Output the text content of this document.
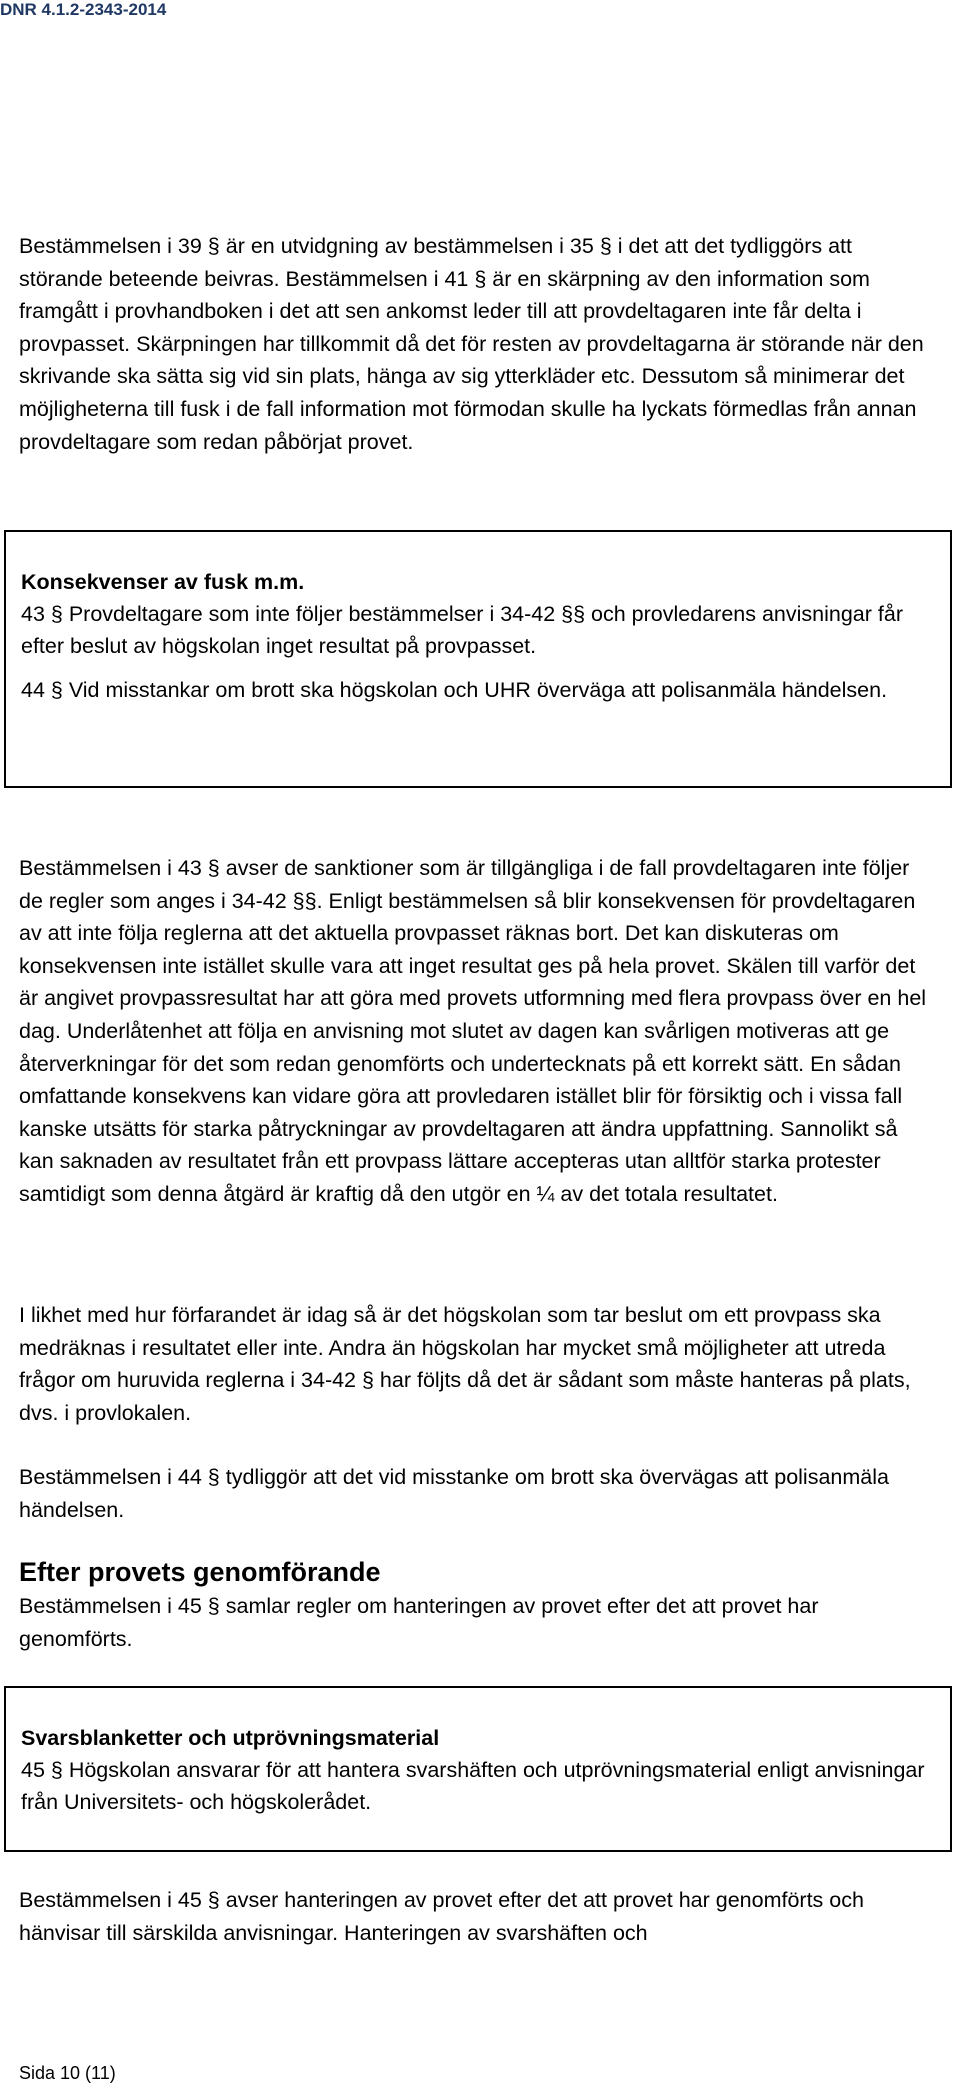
DNR 4.1.2-2343-2014

Bestämmelsen i 39 § är en utvidgning av bestämmelsen i 35 § i det att det tydliggörs att störande beteende beivras. Bestämmelsen i 41 § är en skärpning av den information som framgått i provhandboken i det att sen ankomst leder till att provdeltagaren inte får delta i provpasset. Skärpningen har tillkommit då det för resten av provdeltagarna är störande när den skrivande ska sätta sig vid sin plats, hänga av sig ytterkläder etc. Dessutom så minimerar det möjligheterna till fusk i de fall information mot förmodan skulle ha lyckats förmedlas från annan provdeltagare som redan påbörjat provet.

Konsekvenser av fusk m.m.
43 § Provdeltagare som inte följer bestämmelser i 34-42 §§ och provledarens anvisningar får efter beslut av högskolan inget resultat på provpasset.
44 § Vid misstankar om brott ska högskolan och UHR överväga att polisanmäla händelsen.

Bestämmelsen i 43 § avser de sanktioner som är tillgängliga i de fall provdeltagaren inte följer de regler som anges i 34-42 §§. Enligt bestämmelsen så blir konsekvensen för provdeltagaren av att inte följa reglerna att det aktuella provpasset räknas bort. Det kan diskuteras om konsekvensen inte istället skulle vara att inget resultat ges på hela provet. Skälen till varför det är angivet provpassresultat har att göra med provets utformning med flera provpass över en hel dag. Underlåtenhet att följa en anvisning mot slutet av dagen kan svårligen motiveras att ge återverkningar för det som redan genomförts och undertecknats på ett korrekt sätt. En sådan omfattande konsekvens kan vidare göra att provledaren istället blir för försiktig och i vissa fall kanske utsätts för starka påtryckningar av provdeltagaren att ändra uppfattning. Sannolikt så kan saknaden av resultatet från ett provpass lättare accepteras utan alltför starka protester samtidigt som denna åtgärd är kraftig då den utgör en ¼ av det totala resultatet.

I likhet med hur förfarandet är idag så är det högskolan som tar beslut om ett provpass ska medräknas i resultatet eller inte. Andra än högskolan har mycket små möjligheter att utreda frågor om huruvida reglerna i 34-42 § har följts då det är sådant som måste hanteras på plats, dvs. i provlokalen.

Bestämmelsen i 44 § tydliggör att det vid misstanke om brott ska övervägas att polisanmäla händelsen.

Efter provets genomförande

Bestämmelsen i 45 § samlar regler om hanteringen av provet efter det att provet har genomförts.

Svarsblanketter och utprövningsmaterial
45 § Högskolan ansvarar för att hantera svarshäften och utprövningsmaterial enligt anvisningar från Universitets- och högskolerådet.

Bestämmelsen i 45 § avser hanteringen av provet efter det att provet har genomförts och hänvisar till särskilda anvisningar. Hanteringen av svarshäften och

Sida 10 (11)
